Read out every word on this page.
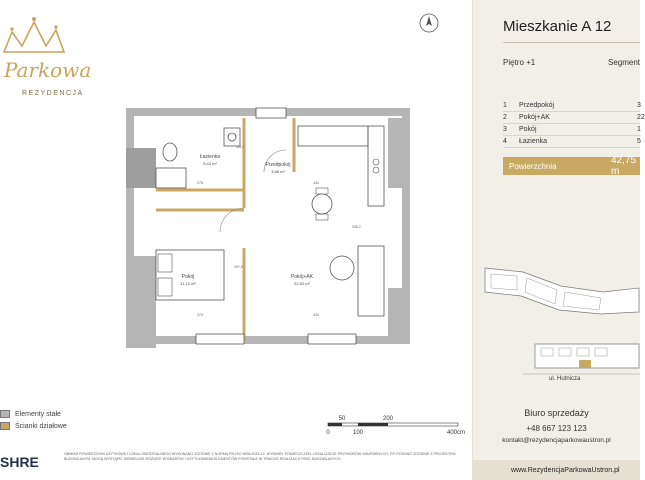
Parkowa
REZYDENCJA
Łazienka
5,43 m²	Przedpokój
3,68 m²
Pokój
11,12 m²
Pokój+AK
22,52 m²
278	434
274	434
338,2
497,5
401,7
Elementy stałe
Ścianki działowe
50	200
0	100	400cm
SHRE	OBMIAR POWIERZCHNI UŻYTKOWEJ LOKALI MIESZKALNEGO WYKONANO ZGODNIE Z NORMĄ PN-ISO 9836:2015-12. WYMIARY POMIESZCZEŃ, LOKALIZACJE PRZYBORÓW SANITARNYCH, F.P. PODANO ZGODNIE Z PROJEKTEM BUDOWLANYM. MOGĄ WYSTĄPIĆ NIEWIELKIE RÓŻNICE WYMIARÓW I USYTUOWANIA ELEMENTÓW POWSTAŁE W TRAKCIE REALIZACJI PRAC BUDOWLANYCH.
Mieszkanie A 12
Piętro +1	Segment
1	Przedpokój	3
2	Pokój+AK	22
3	Pokój	1
4	Łazienka	5
Powierzchnia	42,75 m
ul. Hutnicza
Biuro sprzedaży
+48 667 123 123
kontakt@rezydencjaparkowaustron.pl
www.RezydencjaParkowaUstron.pl
